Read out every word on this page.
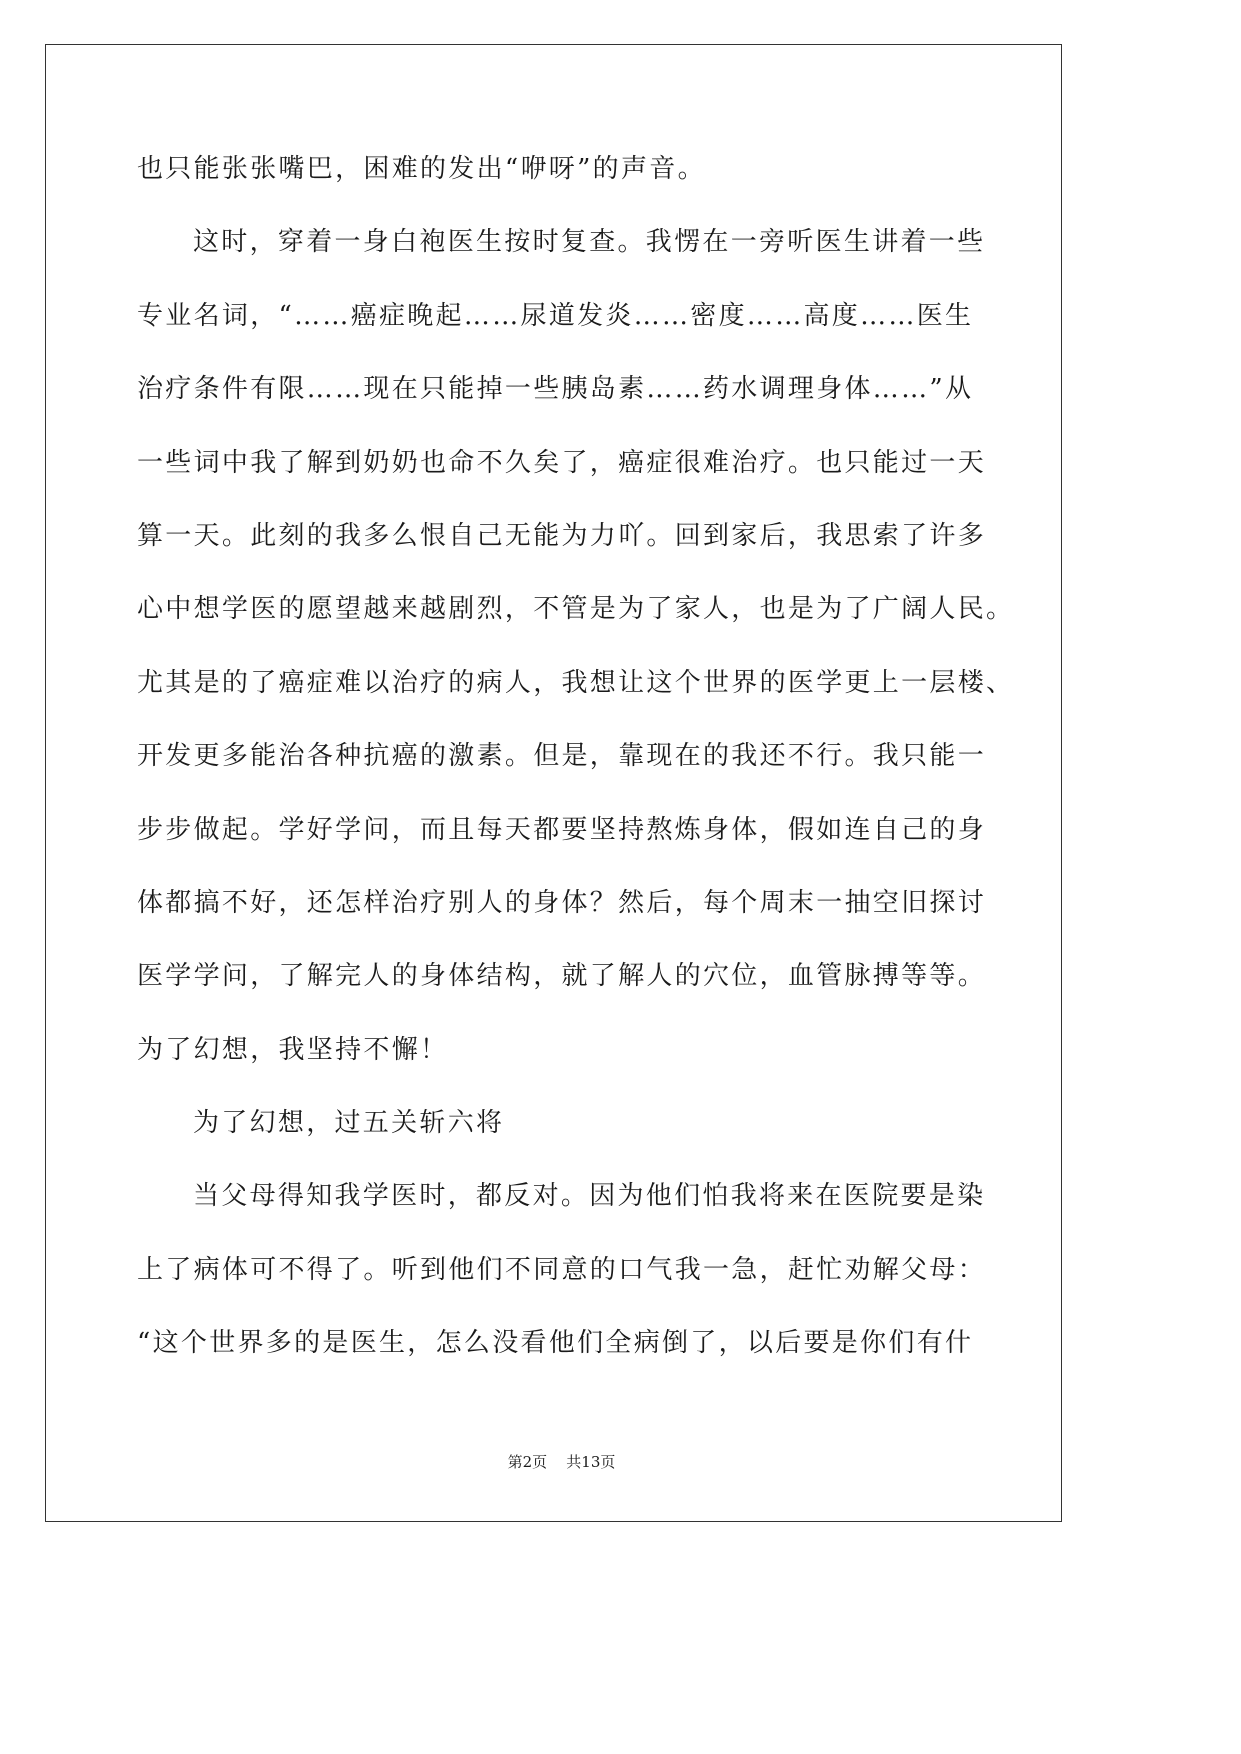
也只能张张嘴巴，困难的发出“咿呀”的声音。
这时，穿着一身白袍医生按时复查。我愣在一旁听医生讲着一些
专业名词，“……癌症晚起……尿道发炎……密度……高度……医生
治疗条件有限……现在只能掉一些胰岛素……药水调理身体……”从
一些词中我了解到奶奶也命不久矣了，癌症很难治疗。也只能过一天
算一天。此刻的我多么恨自己无能为力吖。回到家后，我思索了许多
心中想学医的愿望越来越剧烈，不管是为了家人，也是为了广阔人民。
尤其是的了癌症难以治疗的病人，我想让这个世界的医学更上一层楼、
开发更多能治各种抗癌的激素。但是，靠现在的我还不行。我只能一
步步做起。学好学问，而且每天都要坚持熬炼身体，假如连自己的身
体都搞不好，还怎样治疗别人的身体？然后，每个周末一抽空旧探讨
医学学问，了解完人的身体结构，就了解人的穴位，血管脉搏等等。
为了幻想，我坚持不懈！
为了幻想，过五关斩六将
当父母得知我学医时，都反对。因为他们怕我将来在医院要是染
上了病体可不得了。听到他们不同意的口气我一急，赶忙劝解父母：
“这个世界多的是医生，怎么没看他们全病倒了，以后要是你们有什
第2页 共13页
